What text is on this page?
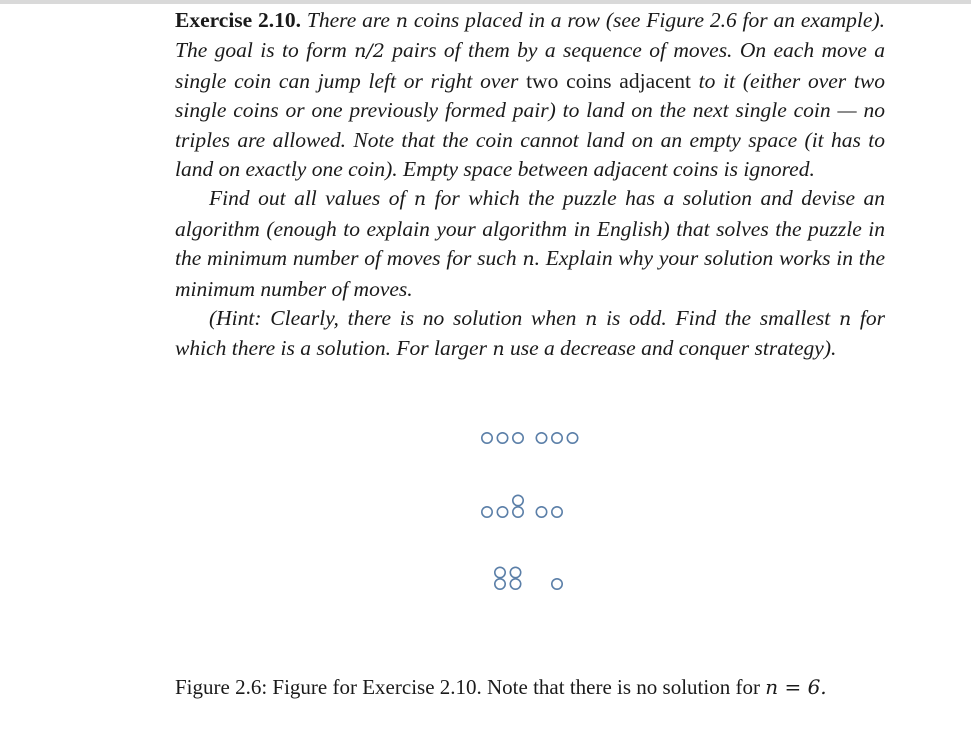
Exercise 2.10. There are n coins placed in a row (see Figure 2.6 for an example). The goal is to form n/2 pairs of them by a sequence of moves. On each move a single coin can jump left or right over two coins adjacent to it (either over two single coins or one previously formed pair) to land on the next single coin — no triples are allowed. Note that the coin cannot land on an empty space (it has to land on exactly one coin). Empty space between adjacent coins is ignored.

Find out all values of n for which the puzzle has a solution and devise an algorithm (enough to explain your algorithm in English) that solves the puzzle in the minimum number of moves for such n. Explain why your solution works in the minimum number of moves.

(Hint: Clearly, there is no solution when n is odd. Find the smallest n for which there is a solution. For larger n use a decrease and conquer strategy).

Figure 2.6: Figure for Exercise 2.10. Note that there is no solution for n = 6.
